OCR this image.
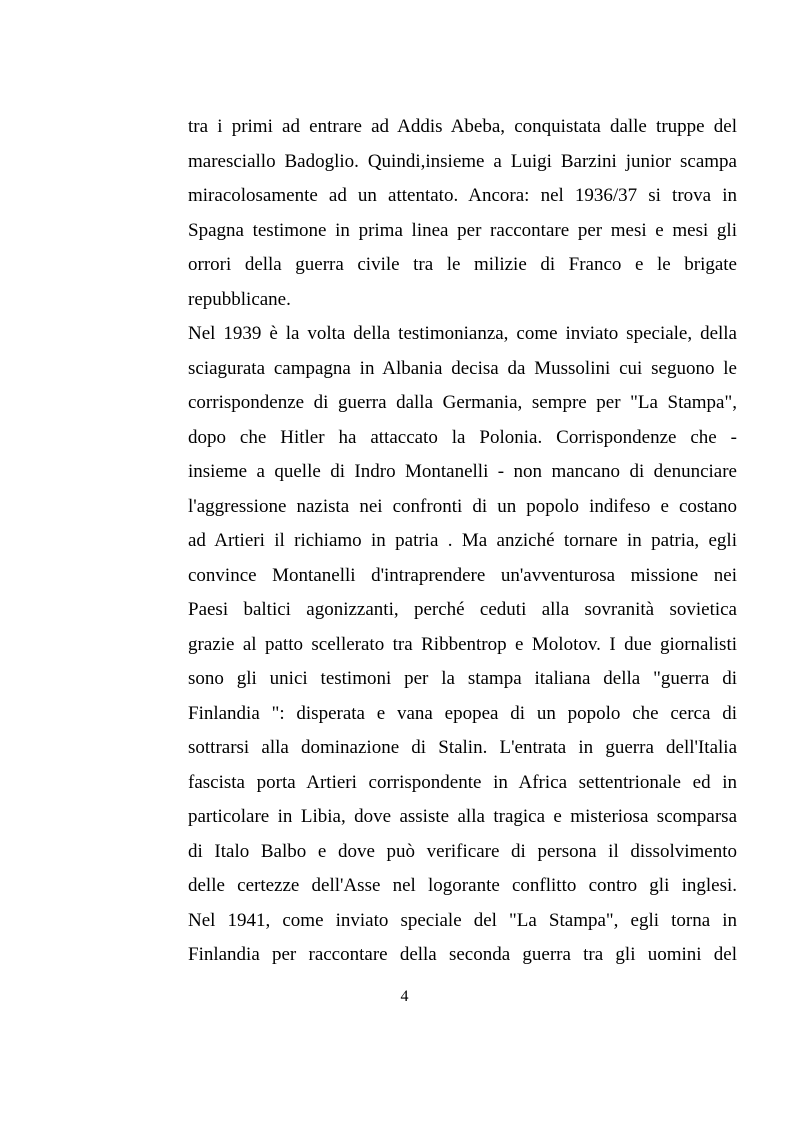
tra i primi ad entrare ad Addis Abeba, conquistata dalle truppe del
maresciallo Badoglio. Quindi,insieme a Luigi Barzini junior scampa
miracolosamente ad un attentato. Ancora: nel 1936/37 si trova in
Spagna testimone in prima linea per raccontare per mesi e mesi gli
orrori della guerra civile tra le milizie di Franco e le brigate
repubblicane.
Nel 1939 è la volta della testimonianza, come inviato speciale, della
sciagurata campagna in Albania decisa da Mussolini cui seguono le
corrispondenze di guerra dalla Germania, sempre per "La Stampa",
dopo che Hitler ha attaccato la Polonia. Corrispondenze che -
insieme a quelle di Indro Montanelli - non mancano di denunciare
l'aggressione nazista nei confronti di un popolo indifeso e costano
ad Artieri il richiamo in patria . Ma anziché tornare in patria, egli
convince Montanelli d'intraprendere un'avventurosa missione nei
Paesi baltici agonizzanti, perché ceduti alla sovranità sovietica
grazie al patto scellerato tra Ribbentrop e Molotov. I due giornalisti
sono gli unici testimoni per la stampa italiana della "guerra di
Finlandia ": disperata e vana epopea di un popolo che cerca di
sottrarsi alla dominazione di Stalin. L'entrata in guerra dell'Italia
fascista porta Artieri corrispondente in Africa settentrionale ed in
particolare in Libia, dove assiste alla tragica e misteriosa scomparsa
di Italo Balbo e dove può verificare di persona il dissolvimento
delle certezze dell'Asse nel logorante conflitto contro gli inglesi.
Nel 1941, come inviato speciale del "La Stampa", egli torna in
Finlandia per raccontare della seconda guerra tra gli uomini del
4
